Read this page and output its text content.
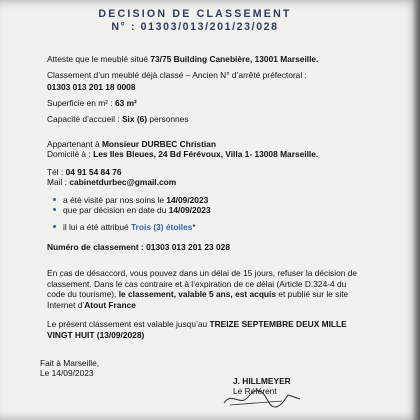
DECISION DE CLASSEMENT
N° : 01303/013/201/23/028
Atteste que le meublé situé 73/75 Building Canebière, 13001 Marseille.
Classement d’un meublé déjà classé – Ancien N° d’arrêté préfectoral :
01303 013 201 18 0008
Superficie en m² : 63 m²
Capacité d’accueil : Six (6) personnes
Appartenant à Monsieur DURBEC Christian
Domicilé à : Les Iles Bleues, 24 Bd Férévoux, Villa 1- 13008 Marseille.
Tél : 04 91 54 84 76
Mail : cabinetdurbec@gmail.com
a été visité par nos soins le 14/09/2023
que par décision en date du 14/09/2023
il lui a été attribué Trois (3) étoiles*
Numéro de classement : 01303 013 201 23 028
En cas de désaccord, vous pouvez dans un délai de 15 jours, refuser la décision de
classement. Dans le cas contraire et à l’expiration de ce délai (Article D.324-4 du
code du tourisme), le classement, valable 5 ans, est acquis et publié sur le site
Internet d’Atout France
Le présent classement est valable jusqu’au TREIZE SEPTEMBRE DEUX MILLE
VINGT HUIT (13/09/2028)
Fait à Marseille,
Le 14/09/2023
J. HILLMEYER
Le Référent
